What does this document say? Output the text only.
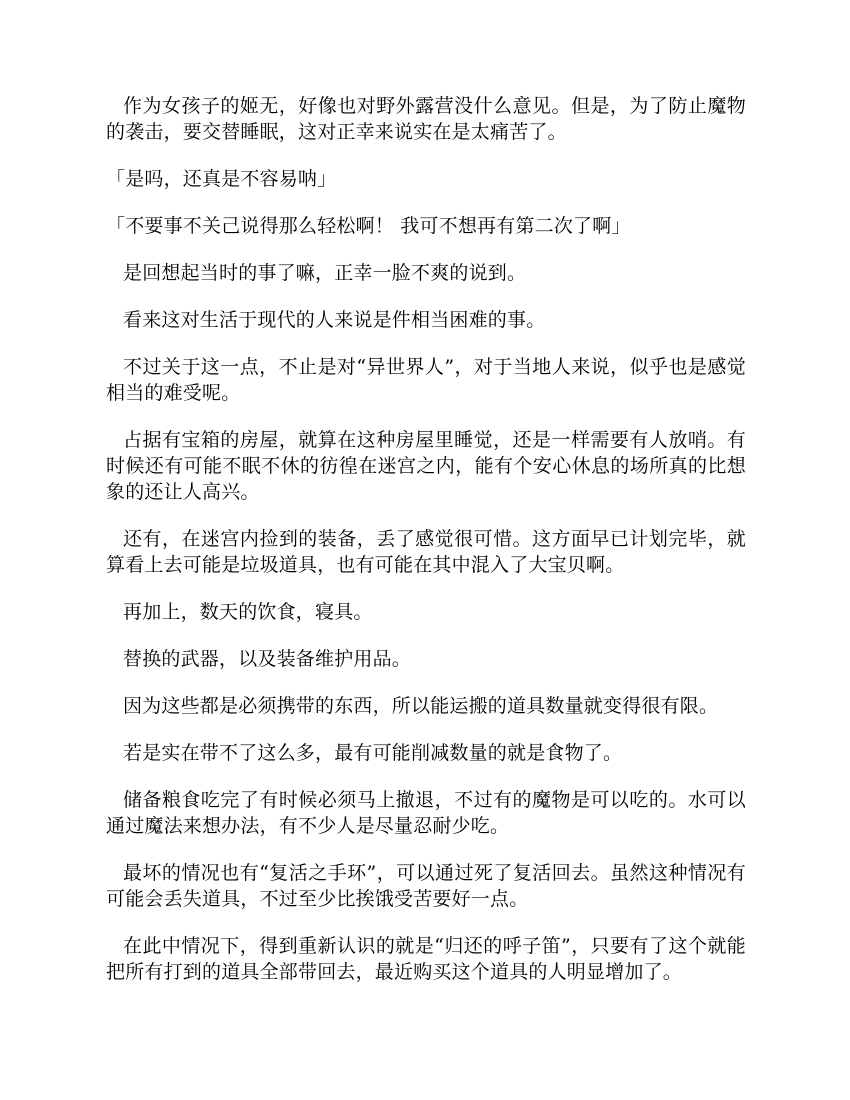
作为女孩子的姬无，好像也对野外露营没什么意见。但是，为了防止魔物的袭击，要交替睡眠，这对正幸来说实在是太痛苦了。

「是吗，还真是不容易呐」

「不要事不关己说得那么轻松啊！ 我可不想再有第二次了啊」

是回想起当时的事了嘛，正幸一脸不爽的说到。

看来这对生活于现代的人来说是件相当困难的事。

不过关于这一点，不止是对“异世界人”，对于当地人来说，似乎也是感觉相当的难受呢。

占据有宝箱的房屋，就算在这种房屋里睡觉，还是一样需要有人放哨。有时候还有可能不眠不休的彷徨在迷宫之内，能有个安心休息的场所真的比想象的还让人高兴。

还有，在迷宫内捡到的装备，丢了感觉很可惜。这方面早已计划完毕，就算看上去可能是垃圾道具，也有可能在其中混入了大宝贝啊。

再加上，数天的饮食，寝具。

替换的武器，以及装备维护用品。

因为这些都是必须携带的东西，所以能运搬的道具数量就变得很有限。

若是实在带不了这么多，最有可能削减数量的就是食物了。

储备粮食吃完了有时候必须马上撤退，不过有的魔物是可以吃的。水可以通过魔法来想办法，有不少人是尽量忍耐少吃。

最坏的情况也有“复活之手环”，可以通过死了复活回去。虽然这种情况有可能会丢失道具，不过至少比挨饿受苦要好一点。

在此中情况下，得到重新认识的就是“归还的呼子笛”，只要有了这个就能把所有打到的道具全部带回去，最近购买这个道具的人明显增加了。
